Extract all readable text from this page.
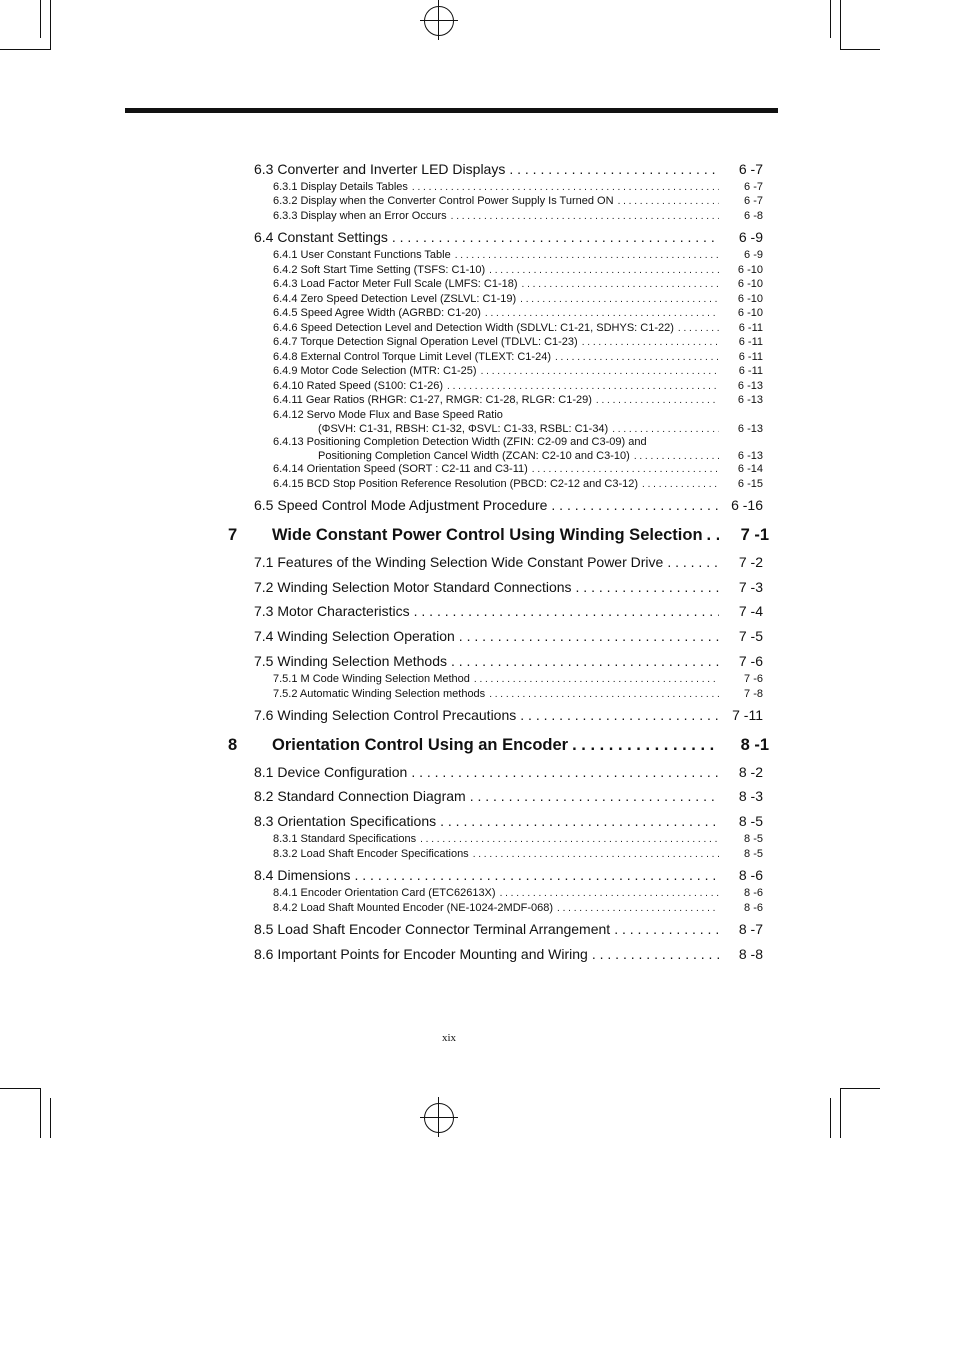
6.3 Converter and Inverter LED Displays . . .	6 -7
6.3.1 Display Details Tables . . .	6 -7
6.3.2 Display when the Converter Control Power Supply Is Turned ON . . .	6 -7
6.3.3 Display when an Error Occurs . . .	6 -8
6.4 Constant Settings . . .	6 -9
6.4.1 User Constant Functions Table . . .	6 -9
6.4.2 Soft Start Time Setting (TSFS: C1-10) . . .	6 -10
6.4.3 Load Factor Meter Full Scale (LMFS: C1-18) . . .	6 -10
6.4.4 Zero Speed Detection Level (ZSLVL: C1-19) . . .	6 -10
6.4.5 Speed Agree Width (AGRBD: C1-20) . . .	6 -10
6.4.6 Speed Detection Level and Detection Width (SDLVL: C1-21, SDHYS: C1-22) . . .	6 -11
6.4.7 Torque Detection Signal Operation Level (TDLVL: C1-23) . . .	6 -11
6.4.8 External Control Torque Limit Level (TLEXT: C1-24) . . .	6 -11
6.4.9 Motor Code Selection (MTR: C1-25) . . .	6 -11
6.4.10 Rated Speed (S100: C1-26) . . .	6 -13
6.4.11 Gear Ratios (RHGR: C1-27, RMGR: C1-28, RLGR: C1-29) . . .	6 -13
6.4.12 Servo Mode Flux and Base Speed Ratio
(ΦSVH: C1-31, RBSH: C1-32, ΦSVL: C1-33, RSBL: C1-34) . . .	6 -13
6.4.13 Positioning Completion Detection Width (ZFIN: C2-09 and C3-09) and
Positioning Completion Cancel Width (ZCAN: C2-10 and C3-10) . . .	6 -13
6.4.14 Orientation Speed (SORT : C2-11 and C3-11) . . .	6 -14
6.4.15 BCD Stop Position Reference Resolution (PBCD: C2-12 and C3-12) . . .	6 -15
6.5 Speed Control Mode Adjustment Procedure . . .	6 -16
7	Wide Constant Power Control Using Winding Selection . . .	7 -1
7.1 Features of the Winding Selection Wide Constant Power Drive . . .	7 -2
7.2 Winding Selection Motor Standard Connections . . .	7 -3
7.3 Motor Characteristics . . .	7 -4
7.4 Winding Selection Operation . . .	7 -5
7.5 Winding Selection Methods . . .	7 -6
7.5.1 M Code Winding Selection Method . . .	7 -6
7.5.2 Automatic Winding Selection methods . . .	7 -8
7.6 Winding Selection Control Precautions . . .	7 -11
8	Orientation Control Using an Encoder . . .	8 -1
8.1 Device Configuration . . .	8 -2
8.2 Standard Connection Diagram . . .	8 -3
8.3 Orientation Specifications . . .	8 -5
8.3.1 Standard Specifications . . .	8 -5
8.3.2 Load Shaft Encoder Specifications . . .	8 -5
8.4 Dimensions . . .	8 -6
8.4.1 Encoder Orientation Card (ETC62613X) . . .	8 -6
8.4.2 Load Shaft Mounted Encoder (NE-1024-2MDF-068) . . .	8 -6
8.5 Load Shaft Encoder Connector Terminal Arrangement . . .	8 -7
8.6 Important Points for Encoder Mounting and Wiring . . .	8 -8
xix
